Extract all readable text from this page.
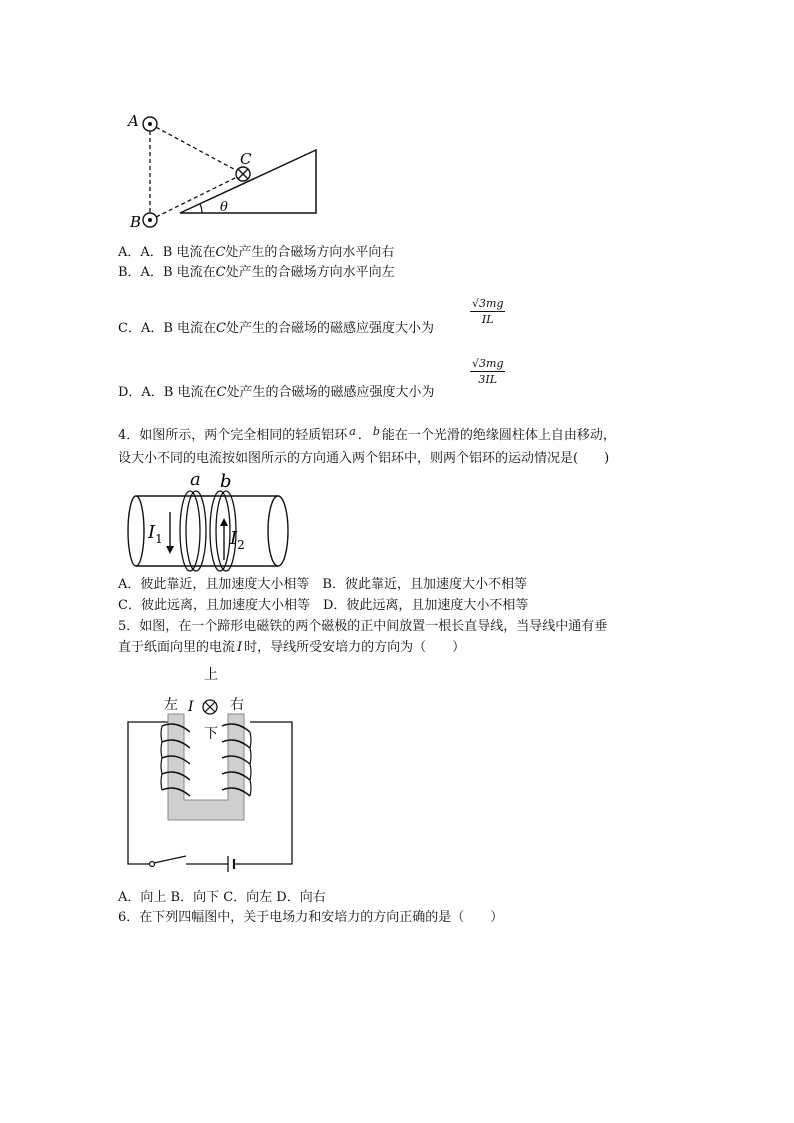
A
B
C
θ
A．A．B 电流在C处产生的合磁场方向水平向右
B．A．B 电流在C处产生的合磁场方向水平向左
C．A．B 电流在C处产生的合磁场的磁感应强度大小为
$\frac{√3mg}{IL}$
D．A．B 电流在C处产生的合磁场的磁感应强度大小为
$\frac{√3mg}{3IL}$
4．如图所示，两个完全相同的轻质铝环 $^a$ ． $^b$ 能在一个光滑的绝缘圆柱体上自由移动，
设大小不同的电流按如图所示的方向通入两个铝环中，则两个铝环的运动情况是(　　)
a b
$I_1$	$I_2$
A．彼此靠近，且加速度大小相等　B．彼此靠近，且加速度大小不相等
C．彼此远离，且加速度大小相等　D．彼此远离，且加速度大小不相等
5．如图，在一个蹄形电磁铁的两个磁极的正中间放置一根长直导线，当导线中通有垂
直于纸面向里的电流 I 时，导线所受安培力的方向为（　　）
上
左 I	右
下
A．向上 B．向下 C．向左 D．向右
6．在下列四幅图中，关于电场力和安培力的方向正确的是（　　）
